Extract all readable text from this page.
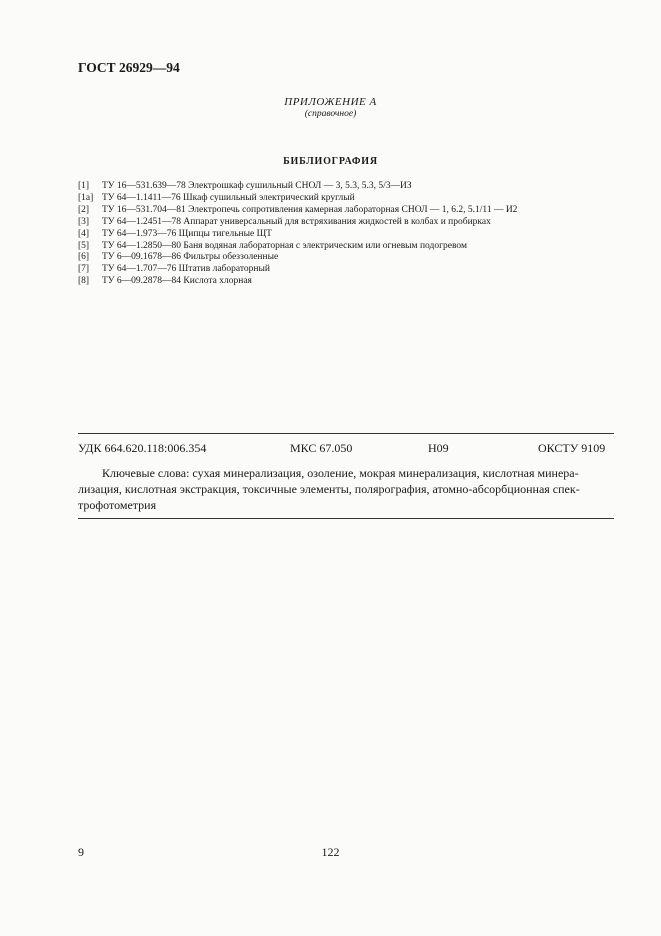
ГОСТ 26929—94
ПРИЛОЖЕНИЕ А
(справочное)
БИБЛИОГРАФИЯ
[1] ТУ 16—531.639—78 Электрошкаф сушильный СНОЛ — 3, 5.3, 5.3, 5/3—ИЗ
[1а] ТУ 64—1.1411—76 Шкаф сушильный электрический круглый
[2] ТУ 16—531.704—81 Электропечь сопротивления камерная лабораторная СНОЛ — 1, 6.2, 5.1/11 — И2
[3] ТУ 64—1.2451—78 Аппарат универсальный для встряхивания жидкостей в колбах и пробирках
[4] ТУ 64—1.973—76 Щипцы тигельные ЩТ
[5] ТУ 64—1.2850—80 Баня водяная лабораторная с электрическим или огневым подогревом
[6] ТУ 6—09.1678—86 Фильтры обеззоленные
[7] ТУ 64—1.707—76 Штатив лабораторный
[8] ТУ 6—09.2878—84 Кислота хлорная
УДК 664.620.118:006.354	МКС 67.050	Н09	ОКСТУ 9109
Ключевые слова: сухая минерализация, озоление, мокрая минерализация, кислотная минера-
лизация, кислотная экстракция, токсичные элементы, полярография, атомно-абсорбционная спек-
трофотометрия
9	122
